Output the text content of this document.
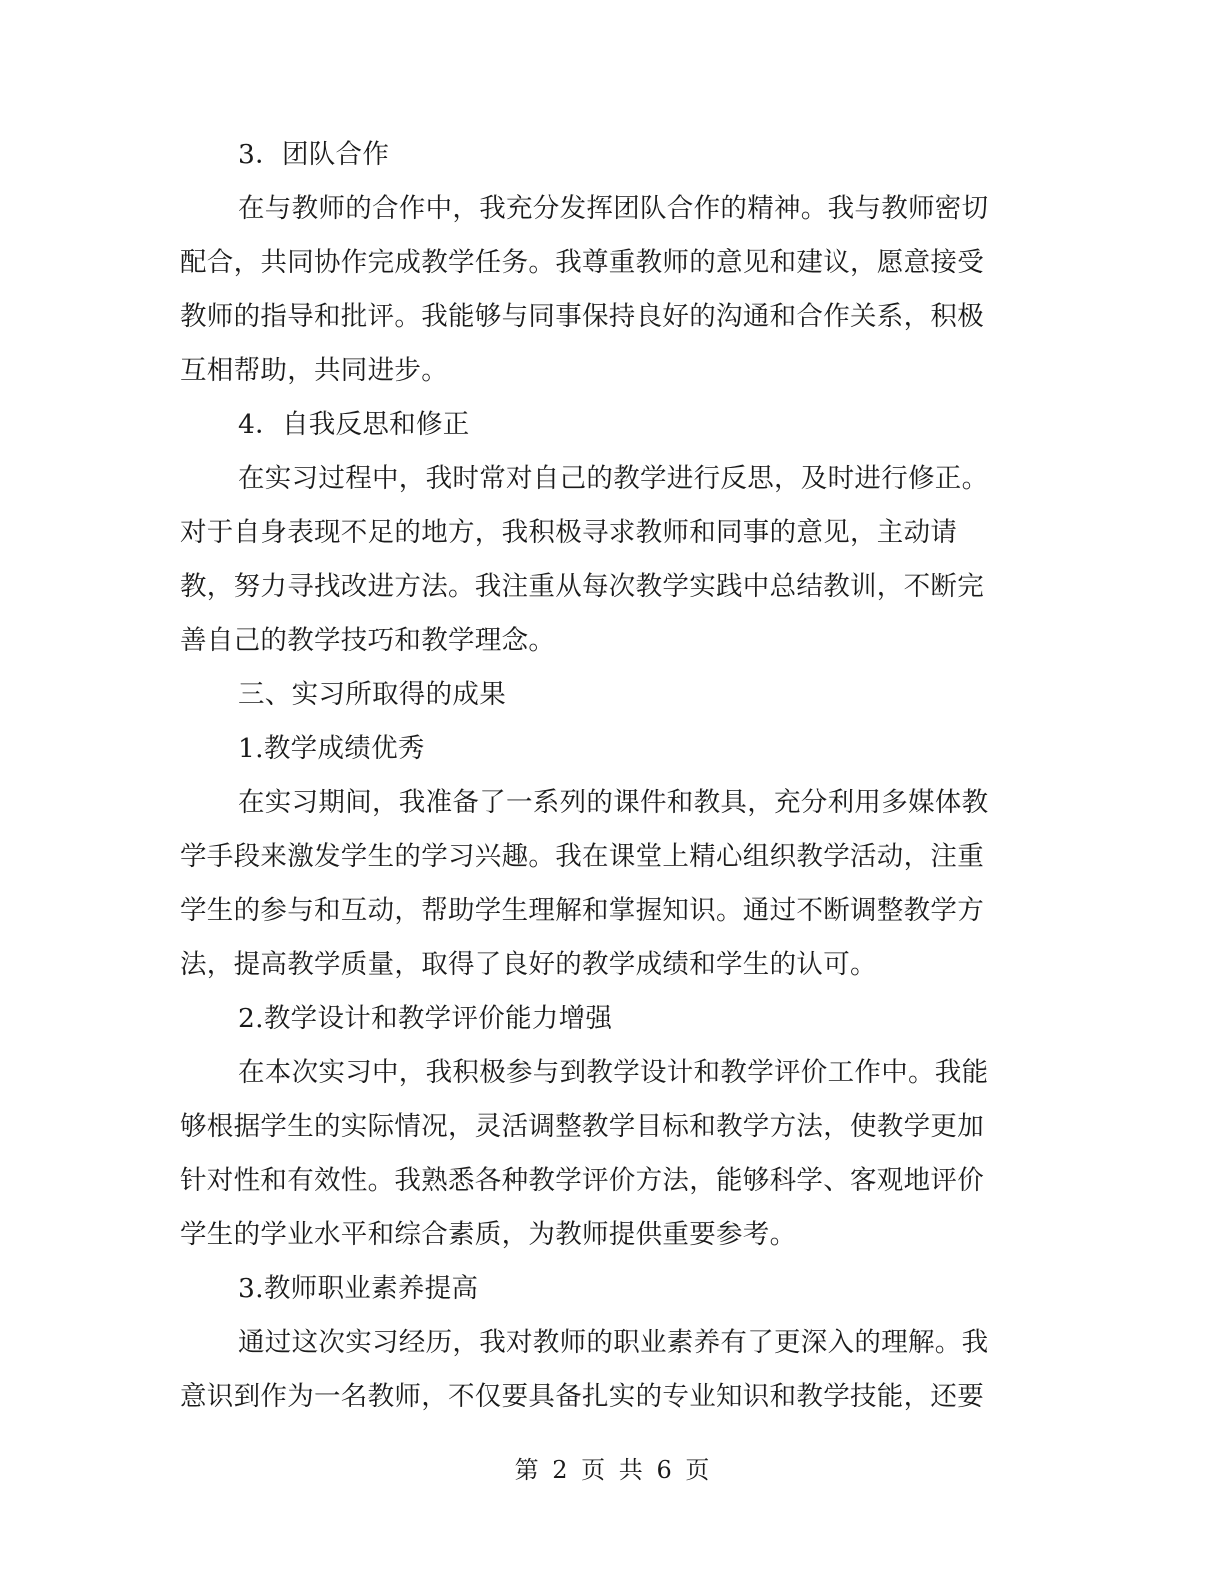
3．团队合作
在与教师的合作中，我充分发挥团队合作的精神。我与教师密切
配合，共同协作完成教学任务。我尊重教师的意见和建议，愿意接受
教师的指导和批评。我能够与同事保持良好的沟通和合作关系，积极
互相帮助，共同进步。
4．自我反思和修正
在实习过程中，我时常对自己的教学进行反思，及时进行修正。
对于自身表现不足的地方，我积极寻求教师和同事的意见，主动请
教，努力寻找改进方法。我注重从每次教学实践中总结教训，不断完
善自己的教学技巧和教学理念。
三、实习所取得的成果
1.教学成绩优秀
在实习期间，我准备了一系列的课件和教具，充分利用多媒体教
学手段来激发学生的学习兴趣。我在课堂上精心组织教学活动，注重
学生的参与和互动，帮助学生理解和掌握知识。通过不断调整教学方
法，提高教学质量，取得了良好的教学成绩和学生的认可。
2.教学设计和教学评价能力增强
在本次实习中，我积极参与到教学设计和教学评价工作中。我能
够根据学生的实际情况，灵活调整教学目标和教学方法，使教学更加
针对性和有效性。我熟悉各种教学评价方法，能够科学、客观地评价
学生的学业水平和综合素质，为教师提供重要参考。
3.教师职业素养提高
通过这次实习经历，我对教师的职业素养有了更深入的理解。我
意识到作为一名教师，不仅要具备扎实的专业知识和教学技能，还要
第 2 页 共 6 页
